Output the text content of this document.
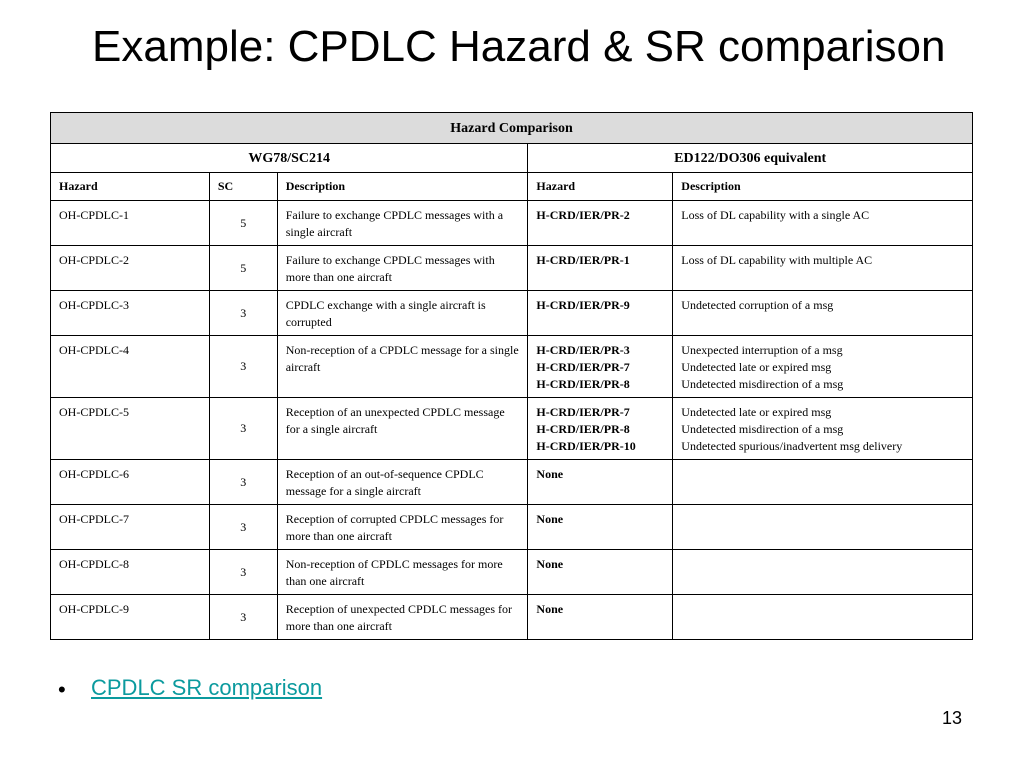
Example: CPDLC Hazard & SR comparison
Hazard Comparison				
WG78/SC214			ED122/DO306 equivalent	
Hazard	SC	Description	Hazard	Description
OH-CPDLC-1	5	Failure to exchange CPDLC messages with a single aircraft	H-CRD/IER/PR-2	Loss of DL capability with a single AC

OH-CPDLC-2	5	Failure to exchange CPDLC messages with more than one aircraft	H-CRD/IER/PR-1	Loss of DL capability with multiple AC

OH-CPDLC-3	3	CPDLC exchange with a single aircraft is corrupted	H-CRD/IER/PR-9	Undetected corruption of a msg

OH-CPDLC-4	3	Non-reception of a CPDLC message for a single aircraft	H-CRD/IER/PR-3
H-CRD/IER/PR-7
H-CRD/IER/PR-8	Unexpected interruption of a msg
Undetected late or expired msg
Undetected misdirection of a msg

OH-CPDLC-5	3	Reception of an unexpected CPDLC message for a single aircraft	H-CRD/IER/PR-7
H-CRD/IER/PR-8
H-CRD/IER/PR-10	Undetected late or expired msg
Undetected misdirection of a msg
Undetected spurious/inadvertent msg delivery

OH-CPDLC-6	3	Reception of an out-of-sequence CPDLC message for a single aircraft	None	

OH-CPDLC-7	3	Reception of corrupted CPDLC messages for more than one aircraft	None	

OH-CPDLC-8	3	Non-reception of CPDLC messages for more than one aircraft	None	

OH-CPDLC-9	3	Reception of unexpected CPDLC messages for more than one aircraft	None	

• CPDLC SR comparison
13
